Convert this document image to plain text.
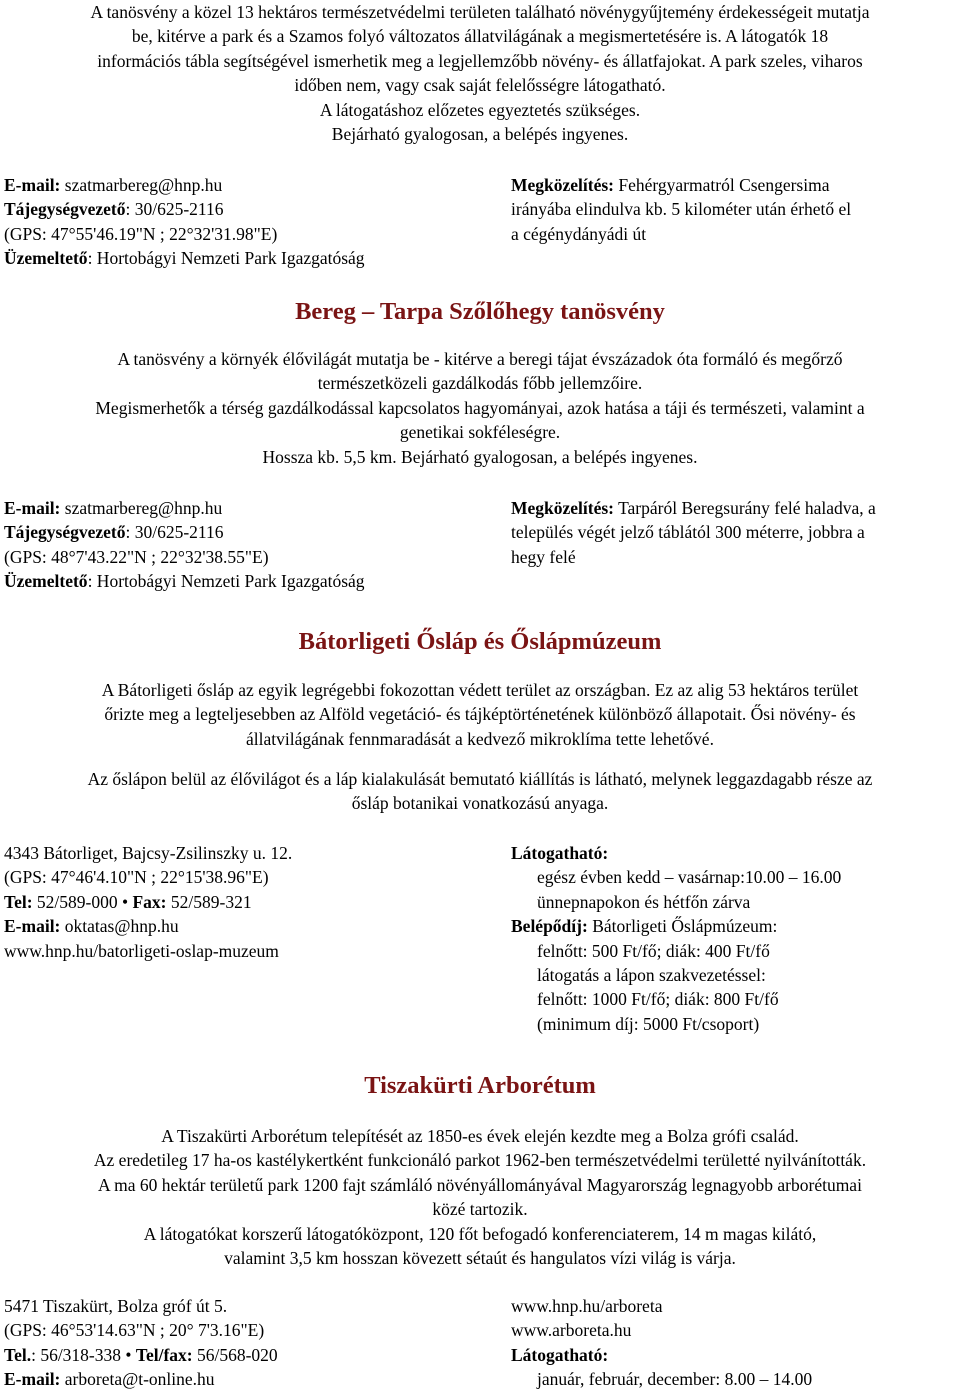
A tanösvény a közel 13 hektáros természetvédelmi területen található növénygyűjtemény érdekességeit mutatja
be, kitérve a park és a Szamos folyó változatos állatvilágának a megismertetésére is. A látogatók 18
információs tábla segítségével ismerhetik meg a legjellemzőbb növény- és állatfajokat. A park szeles, viharos
időben nem, vagy csak saját felelősségre látogatható.
A látogatáshoz előzetes egyeztetés szükséges.
Bejárható gyalogosan, a belépés ingyenes.
E-mail: szatmarbereg@hnp.hu
Tájegységvezető: 30/625-2116
(GPS: 47°55'46.19"N ; 22°32'31.98"E)
Üzemeltető: Hortobágyi Nemzeti Park Igazgatóság
Megközelítés: Fehérgyarmatról Csengersima
irányába elindulva kb. 5 kilométer után érhető el
a cégénydányádi út
Bereg – Tarpa Szőlőhegy tanösvény
A tanösvény a környék élővilágát mutatja be - kitérve a beregi tájat évszázadok óta formáló és megőrző
természetközeli gazdálkodás főbb jellemzőire.
Megismerhetők a térség gazdálkodással kapcsolatos hagyományai, azok hatása a táji és természeti, valamint a
genetikai sokféleségre.
Hossza kb. 5,5 km. Bejárható gyalogosan, a belépés ingyenes.
E-mail: szatmarbereg@hnp.hu
Tájegységvezető: 30/625-2116
(GPS: 48°7'43.22"N ; 22°32'38.55"E)
Üzemeltető: Hortobágyi Nemzeti Park Igazgatóság
Megközelítés: Tarpáról Beregsurány felé haladva, a
település végét jelző táblától 300 méterre, jobbra a
hegy felé
Bátorligeti Ősláp és Őslápmúzeum
A Bátorligeti ősláp az egyik legrégebbi fokozottan védett terület az országban. Ez az alig 53 hektáros terület
őrizte meg a legteljesebben az Alföld vegetáció- és tájképtörténetének különböző állapotait. Ősi növény- és
állatvilágának fennmaradását a kedvező mikroklíma tette lehetővé.
Az őslápon belül az élővilágot és a láp kialakulását bemutató kiállítás is látható, melynek leggazdagabb része az
ősláp botanikai vonatkozású anyaga.
4343 Bátorliget, Bajcsy-Zsilinszky u. 12.
(GPS: 47°46'4.10"N ; 22°15'38.96"E)
Tel: 52/589-000 • Fax: 52/589-321
E-mail: oktatas@hnp.hu
www.hnp.hu/batorligeti-oslap-muzeum
Látogatható:
egész évben kedd – vasárnap:10.00 – 16.00
ünnepnapokon és hétfőn zárva
Belépődíj: Bátorligeti Őslápmúzeum:
felnőtt: 500 Ft/fő; diák: 400 Ft/fő
látogatás a lápon szakvezetéssel:
felnőtt: 1000 Ft/fő; diák: 800 Ft/fő
(minimum díj: 5000 Ft/csoport)
Tiszakürti Arborétum
A Tiszakürti Arborétum telepítését az 1850-es évek elején kezdte meg a Bolza grófi család.
Az eredetileg 17 ha-os kastélykertként funkcionáló parkot 1962-ben természetvédelmi területté nyilvánították.
A ma 60 hektár területű park 1200 fajt számláló növényállományával Magyarország legnagyobb arborétumai
közé tartozik.
A látogatókat korszerű látogatóközpont, 120 főt befogadó konferenciaterem, 14 m magas kilátó,
valamint 3,5 km hosszan kövezett sétaút és hangulatos vízi világ is várja.
5471 Tiszakürt, Bolza gróf út 5.
(GPS: 46°53'14.63"N ; 20° 7'3.16"E)
Tel.: 56/318-338 • Tel/fax: 56/568-020
E-mail: arboreta@t-online.hu
www.hnp.hu/arboreta
www.arboreta.hu
Látogatható:
január, február, december: 8.00 – 14.00
